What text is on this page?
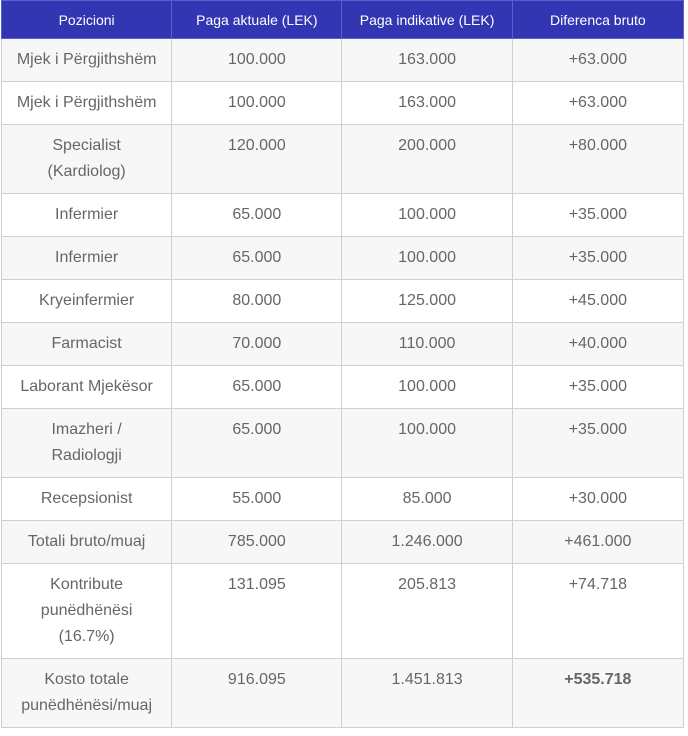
Pozicioni	Paga aktuale (LEK)	Paga indikative (LEK)	Diferenca bruto
Mjek i Përgjithshëm	100.000	163.000	+63.000
Mjek i Përgjithshëm	100.000	163.000	+63.000
Specialist (Kardiolog)	120.000	200.000	+80.000
Infermier	65.000	100.000	+35.000
Infermier	65.000	100.000	+35.000
Kryeinfermier	80.000	125.000	+45.000
Farmacist	70.000	110.000	+40.000
Laborant Mjekësor	65.000	100.000	+35.000
Imazheri / Radiologji	65.000	100.000	+35.000
Recepsionist	55.000	85.000	+30.000
Totali bruto/muaj	785.000	1.246.000	+461.000
Kontribute punëdhënësi (16.7%)	131.095	205.813	+74.718
Kosto totale punëdhënësi/muaj	916.095	1.451.813	+535.718
